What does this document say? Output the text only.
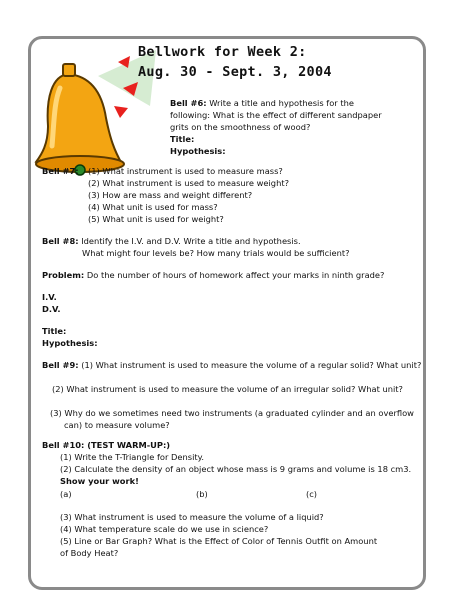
Bellwork for Week 2:
Aug. 30 - Sept. 3, 2004
Bell #6: Write a title and hypothesis for the
following: What is the effect of different sandpaper
grits on the smoothness of wood?
Title:
Hypothesis:
Bell #7: (1) What instrument is used to measure mass?
(2) What instrument is used to measure weight?
(3) How are mass and weight different?
(4) What unit is used for mass?
(5) What unit is used for weight?
Bell #8: Identify the I.V. and D.V. Write a title and hypothesis.
What might four levels be? How many trials would be sufficient?
Problem: Do the number of hours of homework affect your marks in ninth grade?
I.V.
D.V.
Title:
Hypothesis:
Bell #9: (1) What instrument is used to measure the volume of a regular solid? What unit?
(2) What instrument is used to measure the volume of an irregular solid? What unit?
(3) Why do we sometimes need two instruments (a graduated cylinder and an overflow
can) to measure volume?
Bell #10: (TEST WARM-UP:)
(1) Write the T-Triangle for Density.
(2) Calculate the density of an object whose mass is 9 grams and volume is 18 cm3.
Show your work!
(a)	(b)	(c)
(3) What instrument is used to measure the volume of a liquid?
(4) What temperature scale do we use in science?
(5) Line or Bar Graph? What is the Effect of Color of Tennis Outfit on Amount
of Body Heat?
